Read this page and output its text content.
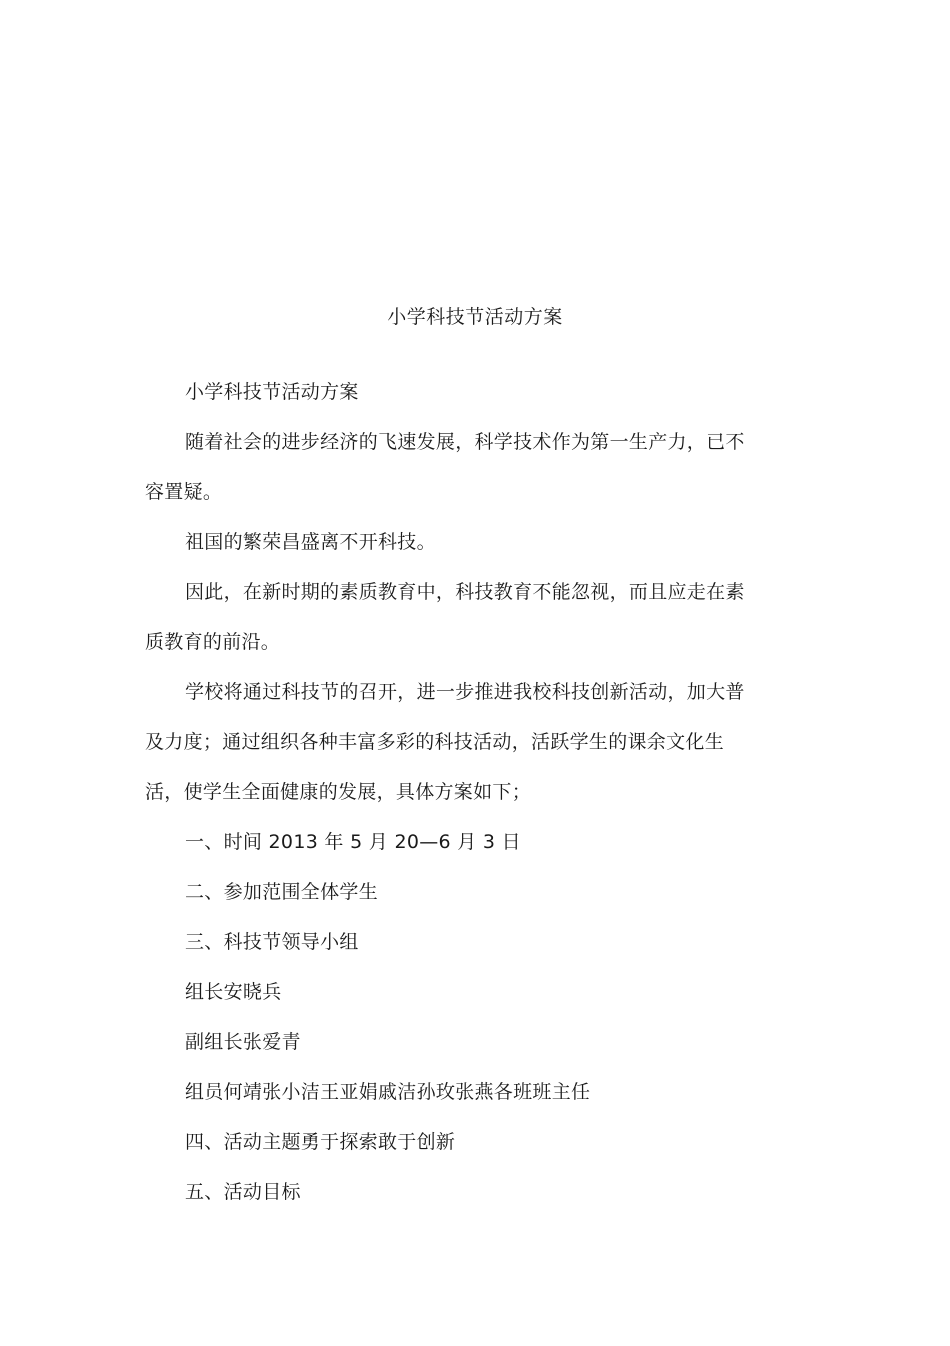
小学科技节活动方案

小学科技节活动方案

随着社会的进步经济的飞速发展，科学技术作为第一生产力，已不容置疑。

祖国的繁荣昌盛离不开科技。

因此，在新时期的素质教育中，科技教育不能忽视，而且应走在素质教育的前沿。

学校将通过科技节的召开，进一步推进我校科技创新活动，加大普及力度；通过组织各种丰富多彩的科技活动，活跃学生的课余文化生活，使学生全面健康的发展，具体方案如下；

一、时间 2013 年 5 月 20—6 月 3 日

二、参加范围全体学生

三、科技节领导小组

组长安晓兵

副组长张爱青

组员何靖张小洁王亚娟戚洁孙玫张燕各班班主任

四、活动主题勇于探索敢于创新

五、活动目标
